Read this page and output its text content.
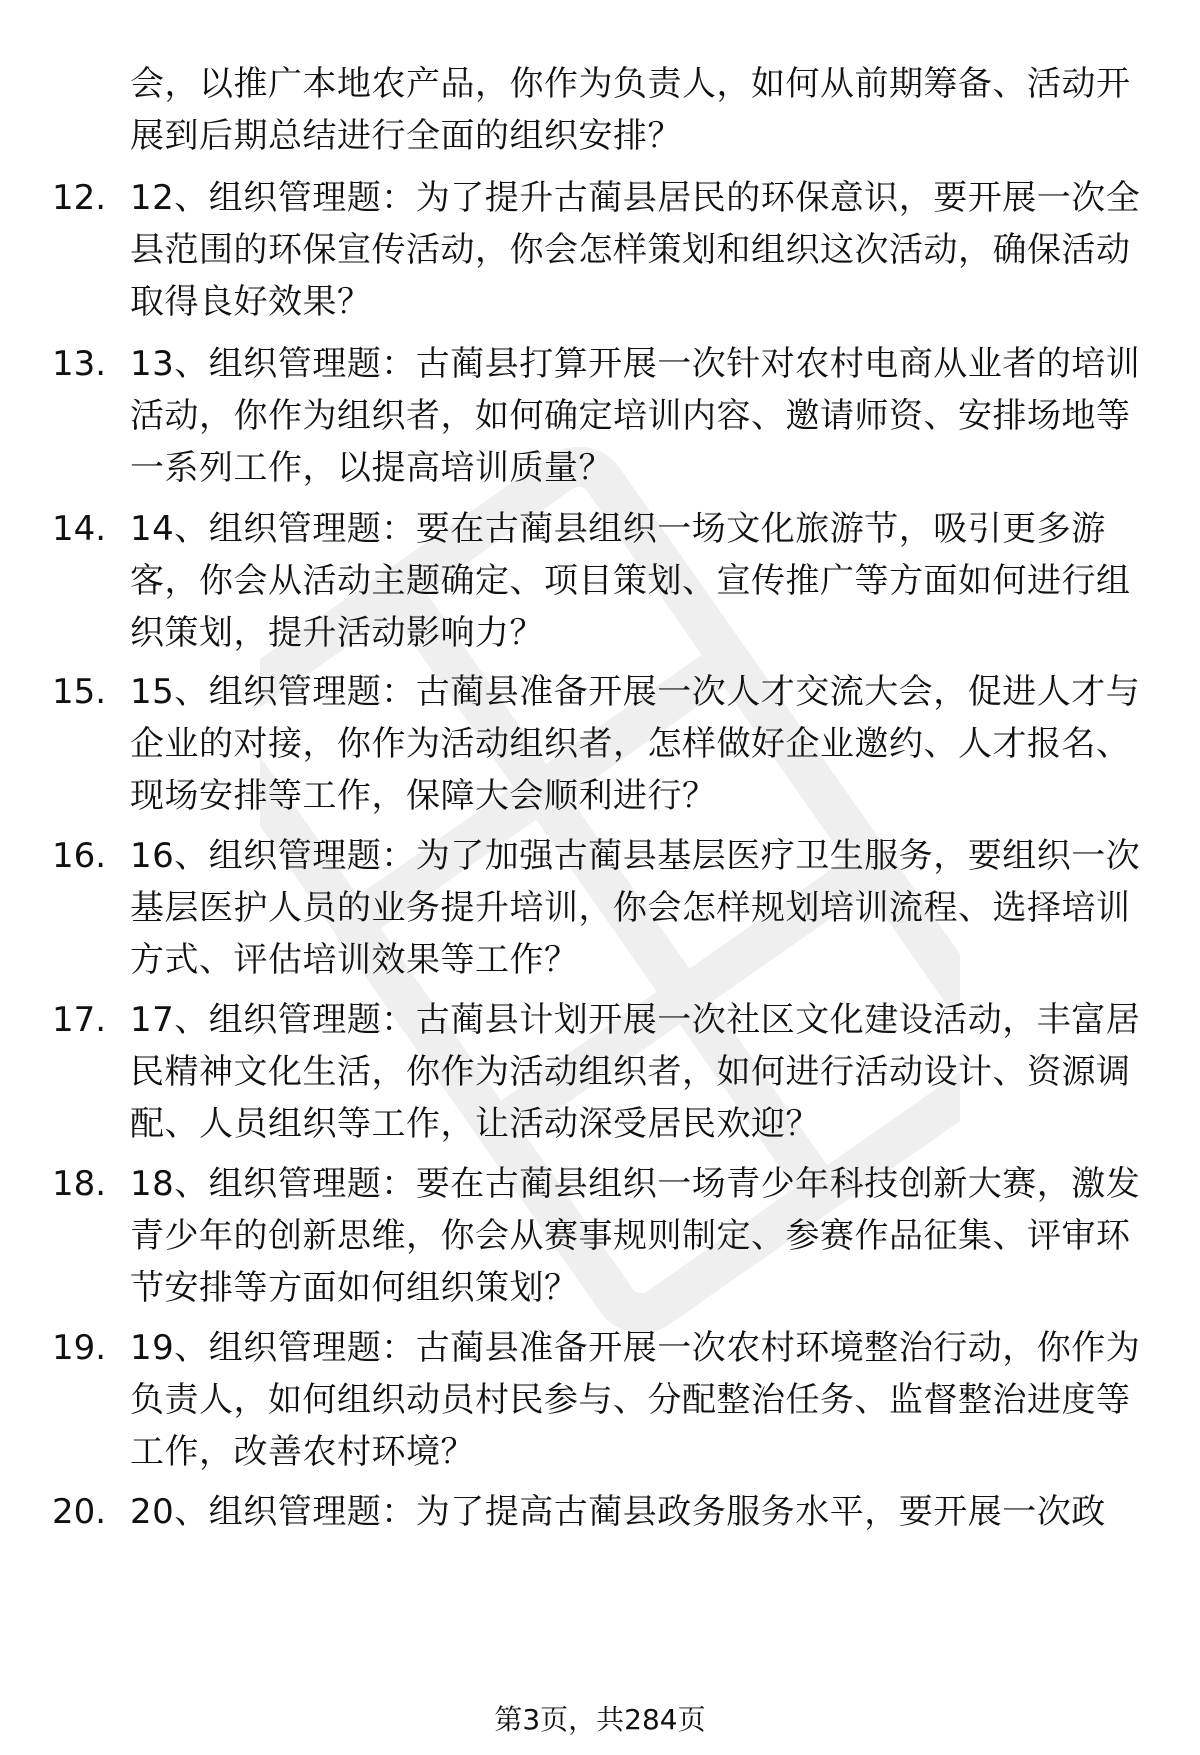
会，以推广本地农产品，你作为负责人，如何从前期筹备、活动开展到后期总结进行全面的组织安排？
12. 12、组织管理题：为了提升古蔺县居民的环保意识，要开展一次全县范围的环保宣传活动，你会怎样策划和组织这次活动，确保活动取得良好效果？
13. 13、组织管理题：古蔺县打算开展一次针对农村电商从业者的培训活动，你作为组织者，如何确定培训内容、邀请师资、安排场地等一系列工作，以提高培训质量？
14. 14、组织管理题：要在古蔺县组织一场文化旅游节，吸引更多游客，你会从活动主题确定、项目策划、宣传推广等方面如何进行组织策划，提升活动影响力？
15. 15、组织管理题：古蔺县准备开展一次人才交流大会，促进人才与企业的对接，你作为活动组织者，怎样做好企业邀约、人才报名、现场安排等工作，保障大会顺利进行？
16. 16、组织管理题：为了加强古蔺县基层医疗卫生服务，要组织一次基层医护人员的业务提升培训，你会怎样规划培训流程、选择培训方式、评估培训效果等工作？
17. 17、组织管理题：古蔺县计划开展一次社区文化建设活动，丰富居民精神文化生活，你作为活动组织者，如何进行活动设计、资源调配、人员组织等工作，让活动深受居民欢迎？
18. 18、组织管理题：要在古蔺县组织一场青少年科技创新大赛，激发青少年的创新思维，你会从赛事规则制定、参赛作品征集、评审环节安排等方面如何组织策划？
19. 19、组织管理题：古蔺县准备开展一次农村环境整治行动，你作为负责人，如何组织动员村民参与、分配整治任务、监督整治进度等工作，改善农村环境？
20. 20、组织管理题：为了提高古蔺县政务服务水平，要开展一次政
第3页，共284页
